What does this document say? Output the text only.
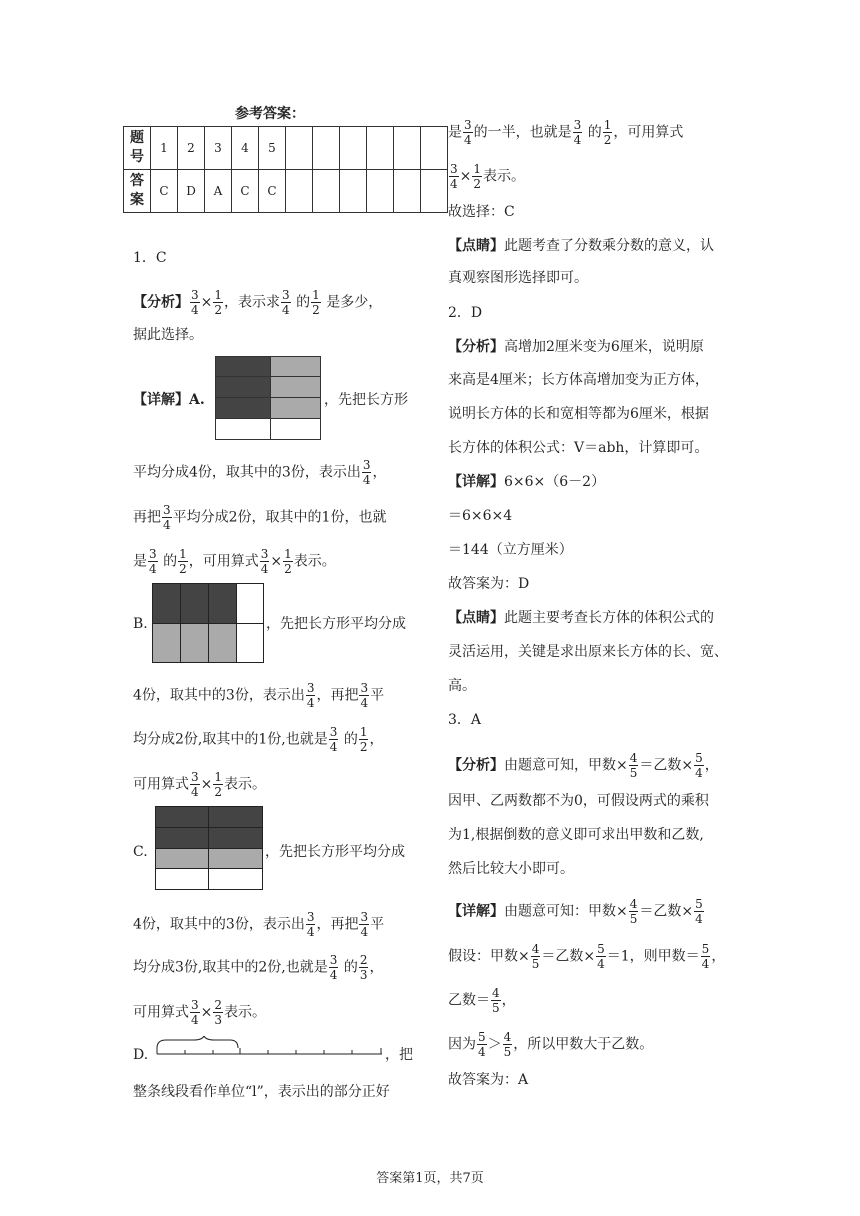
参考答案：
题号	1	2	3	4	5						
答案	C	D	A	C	C						
1．C
【分析】 $\frac{3}{4} \times \frac{1}{2}$ ，表示求 $\frac{3}{4}$ 的 $\frac{1}{2}$ 是多少，
据此选择。
【详解】A.	，先把长方形
平均分成4份，取其中的3份，表示出 $\frac{3}{4}$ ，
再把 $\frac{3}{4}$ 平均分成2份，取其中的1份，也就
是 $\frac{3}{4}$ 的 $\frac{1}{2}$ ，可用算式 $\frac{3}{4} \times \frac{1}{2}$ 表示。
B.	，先把长方形平均分成
4份，取其中的3份，表示出 $\frac{3}{4}$ ，再把 $\frac{3}{4}$ 平
均分成2份,取其中的1份,也就是 $\frac{3}{4}$ 的 $\frac{1}{2}$ ，
可用算式 $\frac{3}{4} \times \frac{1}{2}$ 表示。
C.	，先把长方形平均分成
4份，取其中的3份，表示出 $\frac{3}{4}$ ，再把 $\frac{3}{4}$ 平
均分成3份,取其中的2份,也就是 $\frac{3}{4}$ 的 $\frac{2}{3}$ ，
可用算式 $\frac{3}{4} \times \frac{2}{3}$ 表示。
D.	，把
整条线段看作单位“l”，表示出的部分正好
是 $\frac{3}{4}$ 的一半，也就是 $\frac{3}{4}$ 的 $\frac{1}{2}$ ，可用算式
$\frac{3}{4} \times \frac{1}{2}$ 表示。
故选择：C
【点睛】此题考查了分数乘分数的意义，认
真观察图形选择即可。
2．D
【分析】高增加2厘米变为6厘米，说明原
来高是4厘米；长方体高增加变为正方体，
说明长方体的长和宽相等都为6厘米，根据
长方体的体积公式：V＝abh，计算即可。
【详解】6×6×（6－2）
＝6×6×4
＝144（立方厘米）
故答案为：D
【点睛】此题主要考查长方体的体积公式的
灵活运用，关键是求出原来长方体的长、宽、
高。
3．A
【分析】由题意可知，甲数× $\frac{4}{5}$ ＝乙数× $\frac{5}{4}$ ，
因甲、乙两数都不为0，可假设两式的乘积
为1,根据倒数的意义即可求出甲数和乙数,
然后比较大小即可。
【详解】由题意可知：甲数× $\frac{4}{5}$ ＝乙数× $\frac{5}{4}$
假设：甲数× $\frac{4}{5}$ ＝乙数× $\frac{5}{4} =1$，则甲数＝ $\frac{5}{4}$ ，
乙数＝ $\frac{4}{5}$ ，
因为 $\frac{5}{4} > \frac{4}{5}$ ，所以甲数大于乙数。
故答案为：A
答案第1页，共7页
